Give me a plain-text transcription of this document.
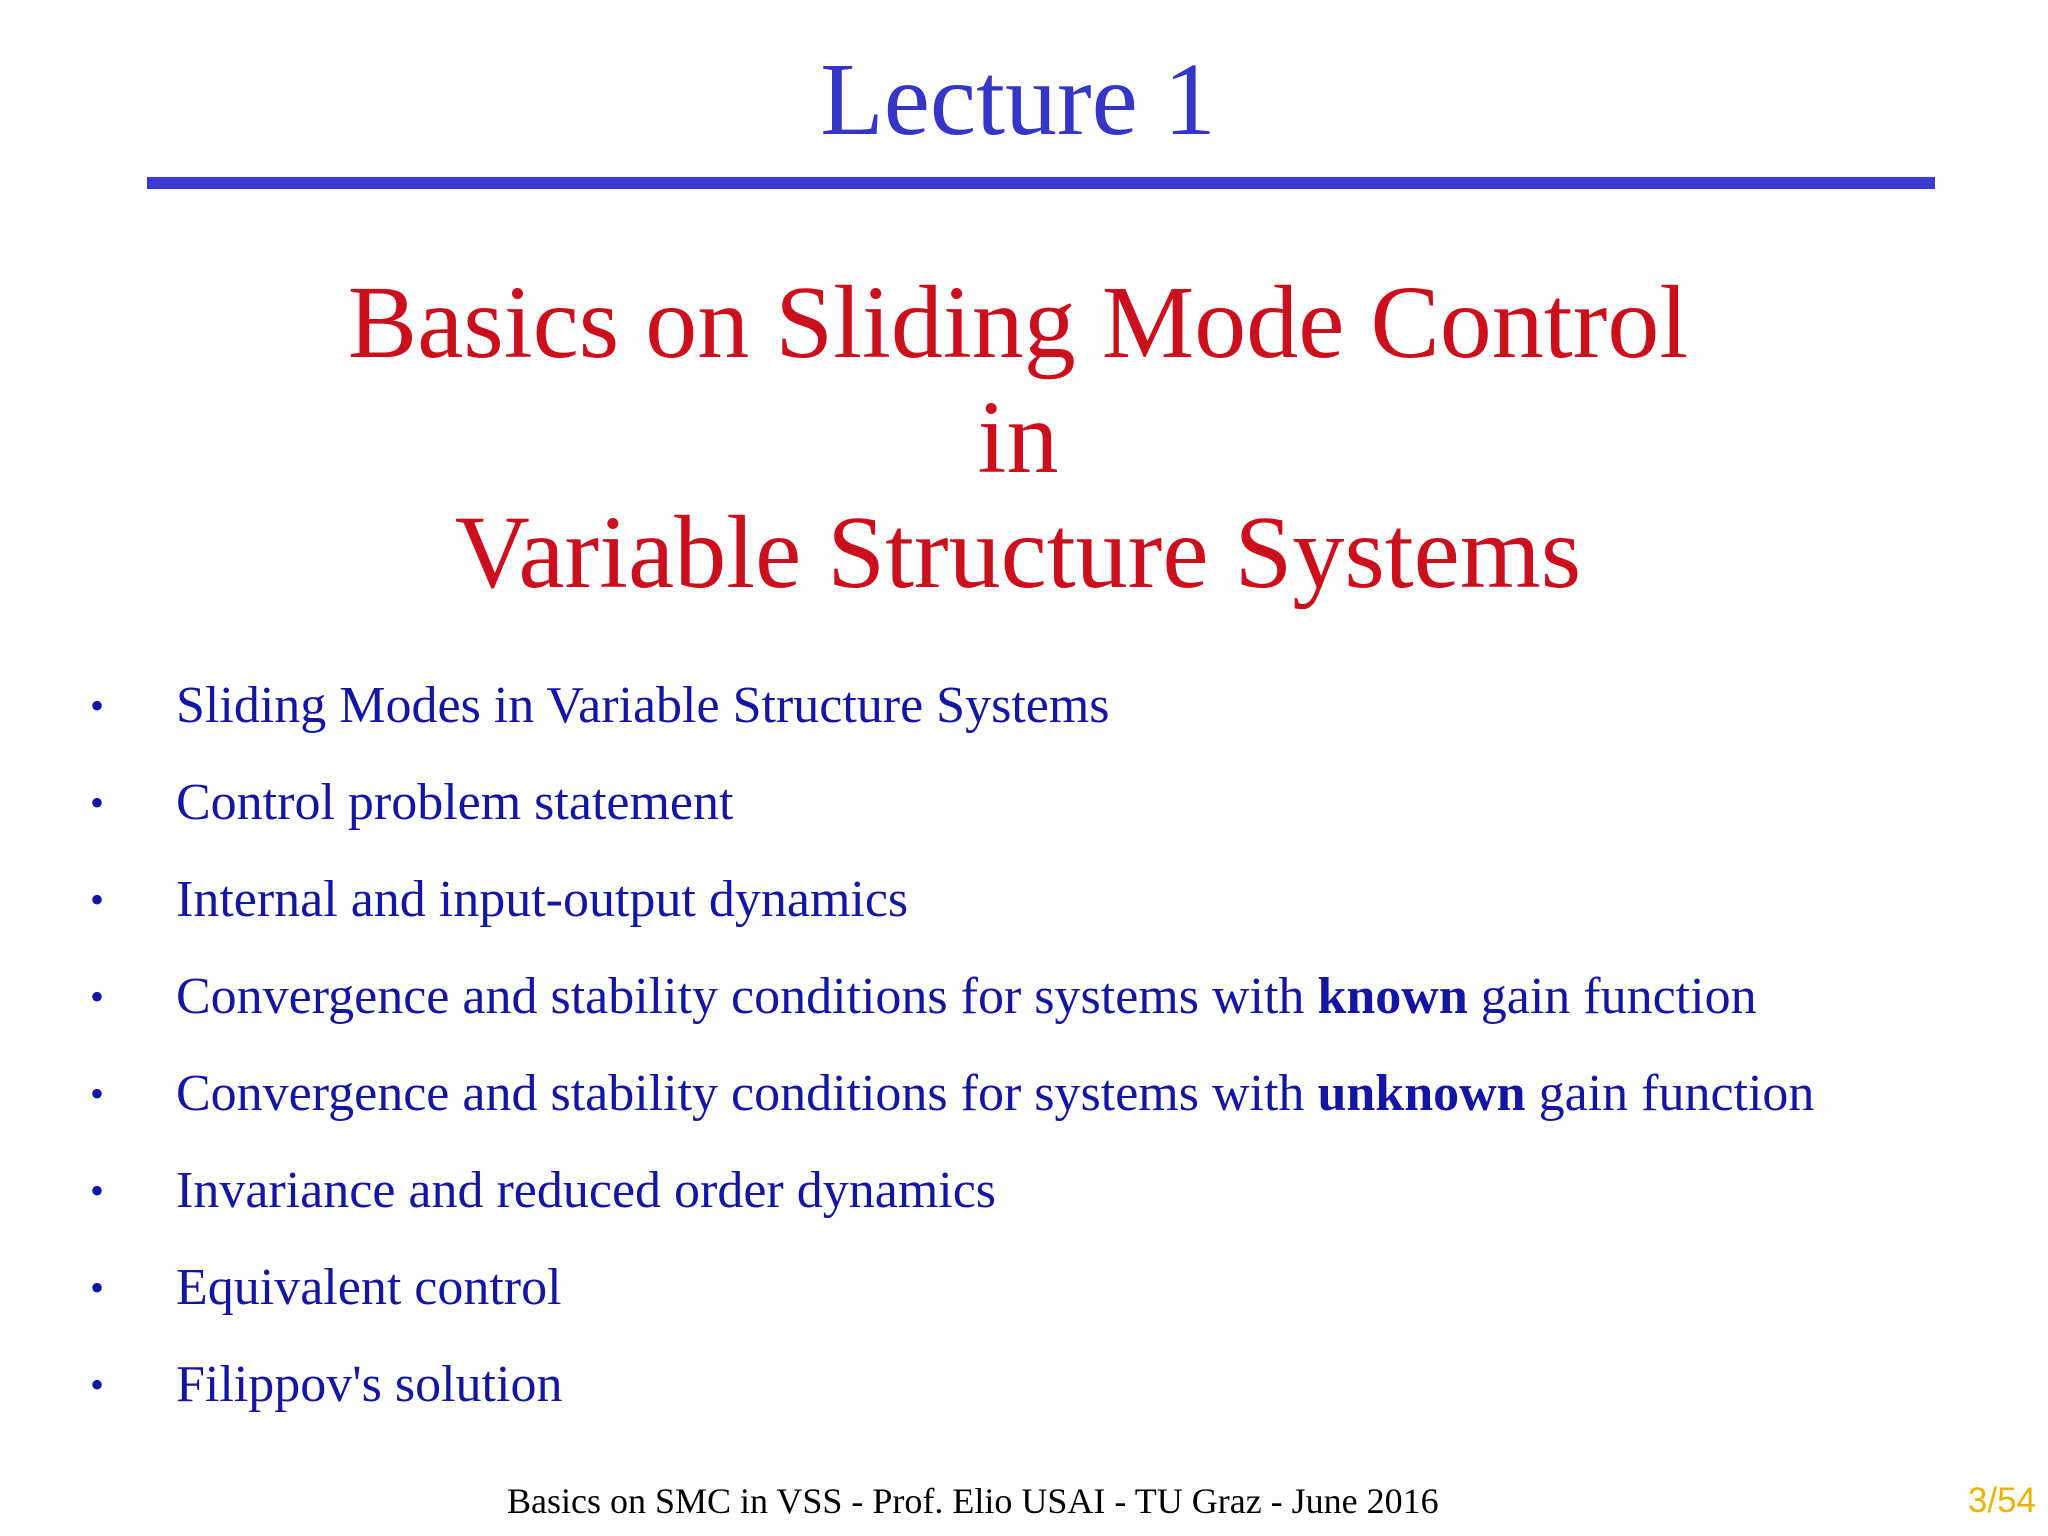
Lecture 1
Basics on Sliding Mode Control
in
Variable Structure Systems
•	Sliding Modes in Variable Structure Systems
•	Control problem statement
•	Internal and input-output dynamics
•	Convergence and stability conditions for systems with known gain function
•	Convergence and stability conditions for systems with unknown gain function
•	Invariance and reduced order dynamics
•	Equivalent control
•	Filippov's solution
Basics on SMC in VSS - Prof. Elio USAI - TU Graz - June 2016	3/54
